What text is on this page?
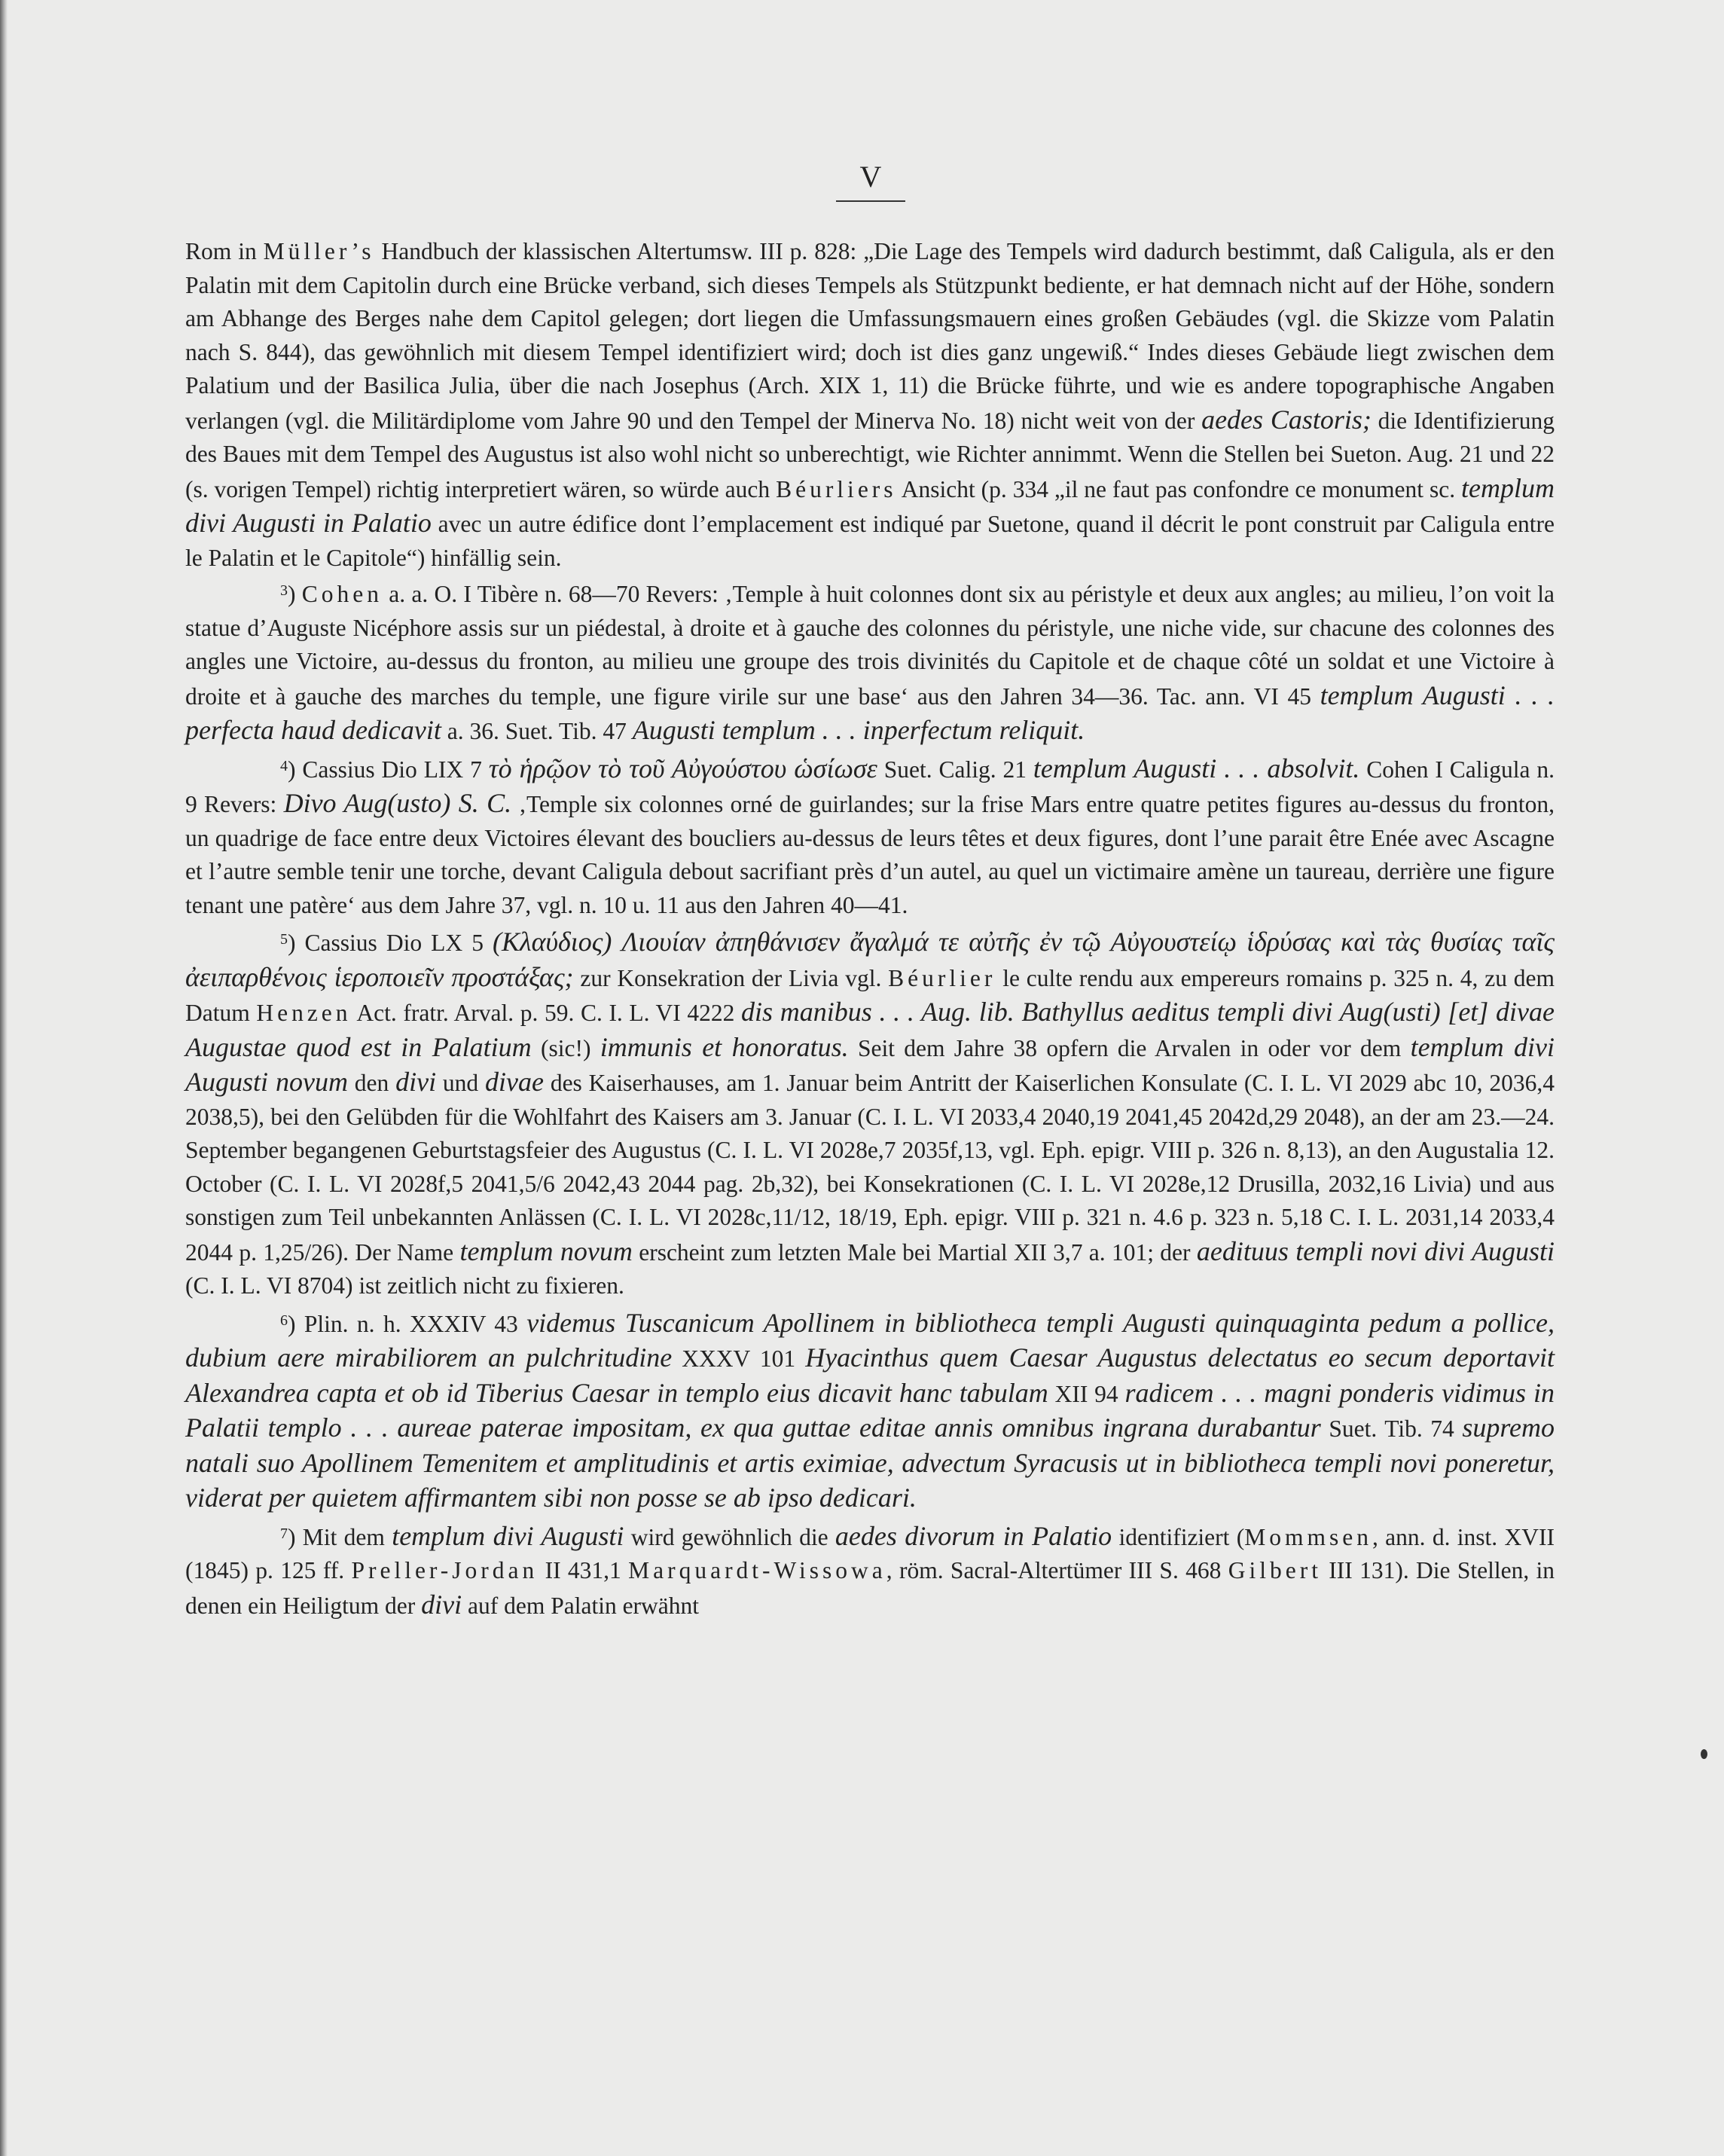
V

Rom in Müller’s Handbuch der klassischen Altertumsw. III p. 828: „Die Lage des Tempels wird dadurch bestimmt, daß Caligula, als er den Palatin mit dem Capitolin durch eine Brücke verband, sich dieses Tempels als Stützpunkt bediente, er hat demnach nicht auf der Höhe, sondern am Abhange des Berges nahe dem Capitol gelegen; dort liegen die Umfassungsmauern eines großen Gebäudes (vgl. die Skizze vom Palatin nach S. 844), das gewöhnlich mit diesem Tempel identifiziert wird; doch ist dies ganz ungewiß.“ Indes dieses Gebäude liegt zwischen dem Palatium und der Basilica Julia, über die nach Josephus (Arch. XIX 1, 11) die Brücke führte, und wie es andere topographische Angaben verlangen (vgl. die Militärdiplome vom Jahre 90 und den Tempel der Minerva No. 18) nicht weit von der aedes Castoris; die Identifizierung des Baues mit dem Tempel des Augustus ist also wohl nicht so unberechtigt, wie Richter annimmt. Wenn die Stellen bei Sueton. Aug. 21 und 22 (s. vorigen Tempel) richtig interpretiert wären, so würde auch Béurliers Ansicht (p. 334 „il ne faut pas confondre ce monument sc. templum divi Augusti in Palatio avec un autre édifice dont l’emplacement est indiqué par Suetone, quand il décrit le pont construit par Caligula entre le Palatin et le Capitole“) hinfällig sein.

$^3$) Cohen a. a. O. I Tibère n. 68—70 Revers: ‚Temple à huit colonnes dont six au péristyle et deux aux angles; au milieu, l’on voit la statue d’Auguste Nicéphore assis sur un piédestal, à droite et à gauche des colonnes du péristyle, une niche vide, sur chacune des colonnes des angles une Victoire, au-dessus du fronton, au milieu une groupe des trois divinités du Capitole et de chaque côté un soldat et une Victoire à droite et à gauche des marches du temple, une figure virile sur une base‘ aus den Jahren 34—36. Tac. ann. VI 45 templum Augusti . . . perfecta haud dedicavit a. 36. Suet. Tib. 47 Augusti templum . . . inperfectum reliquit.

$^4$) Cassius Dio LIX 7 τὸ ἡρῷον τὸ τοῦ Αὐγούστου ὡσίωσε Suet. Calig. 21 templum Augusti . . . absolvit. Cohen I Caligula n. 9 Revers: Divo Aug(usto) S. C. ‚Temple six colonnes orné de guirlandes; sur la frise Mars entre quatre petites figures au-dessus du fronton, un quadrige de face entre deux Victoires élevant des boucliers au-dessus de leurs têtes et deux figures, dont l’une parait être Enée avec Ascagne et l’autre semble tenir une torche, devant Caligula debout sacrifiant près d’un autel, au quel un victimaire amène un taureau, derrière une figure tenant une patère‘ aus dem Jahre 37, vgl. n. 10 u. 11 aus den Jahren 40—41.

$^5$) Cassius Dio LX 5 (Κλαύδιος) Λιουίαν ἀπηθάνισεν ἄγαλμά τε αὐτῆς ἐν τῷ Αὐγουστείῳ ἱδρύσας καὶ τὰς θυσίας ταῖς ἀειπαρθένοις ἱεροποιεῖν προστάξας; zur Konsekration der Livia vgl. Béurlier le culte rendu aux empereurs romains p. 325 n. 4, zu dem Datum Henzen Act. fratr. Arval. p. 59. C. I. L. VI 4222 dis manibus . . . Aug. lib. Bathyllus aeditus templi divi Aug(usti) [et] divae Augustae quod est in Palatium (sic!) immunis et honoratus. Seit dem Jahre 38 opfern die Arvalen in oder vor dem templum divi Augusti novum den divi und divae des Kaiserhauses, am 1. Januar beim Antritt der Kaiserlichen Konsulate (C. I. L. VI 2029 abc 10, 2036,4 2038,5), bei den Gelübden für die Wohlfahrt des Kaisers am 3. Januar (C. I. L. VI 2033,4 2040,19 2041,45 2042d,29 2048), an der am 23.—24. September begangenen Geburtstagsfeier des Augustus (C. I. L. VI 2028e,7 2035f,13, vgl. Eph. epigr. VIII p. 326 n. 8,13), an den Augustalia 12. October (C. I. L. VI 2028f,5 2041,5/6 2042,43 2044 pag. 2b,32), bei Konsekrationen (C. I. L. VI 2028e,12 Drusilla, 2032,16 Livia) und aus sonstigen zum Teil unbekannten Anlässen (C. I. L. VI 2028c,11/12, 18/19, Eph. epigr. VIII p. 321 n. 4.6 p. 323 n. 5,18 C. I. L. 2031,14 2033,4 2044 p. 1,25/26). Der Name templum novum erscheint zum letzten Male bei Martial XII 3,7 a. 101; der aedituus templi novi divi Augusti (C. I. L. VI 8704) ist zeitlich nicht zu fixieren.

$^6$) Plin. n. h. XXXIV 43 videmus Tuscanicum Apollinem in bibliotheca templi Augusti quinquaginta pedum a pollice, dubium aere mirabiliorem an pulchritudine XXXV 101 Hyacinthus quem Caesar Augustus delectatus eo secum deportavit Alexandrea capta et ob id Tiberius Caesar in templo eius dicavit hanc tabulam XII 94 radicem . . . magni ponderis vidimus in Palatii templo . . . aureae paterae impositam, ex qua guttae editae annis omnibus ingrana durabantur Suet. Tib. 74 supremo natali suo Apollinem Temenitem et amplitudinis et artis eximiae, advectum Syracusis ut in bibliotheca templi novi poneretur, viderat per quietem affirmantem sibi non posse se ab ipso dedicari.

$^7$) Mit dem templum divi Augusti wird gewöhnlich die aedes divorum in Palatio identifiziert (Mommsen, ann. d. inst. XVII (1845) p. 125 ff. Preller-Jordan II 431,1 Marquardt-Wissowa, röm. Sacral-Altertümer III S. 468 Gilbert III 131). Die Stellen, in denen ein Heiligtum der divi auf dem Palatin erwähnt
